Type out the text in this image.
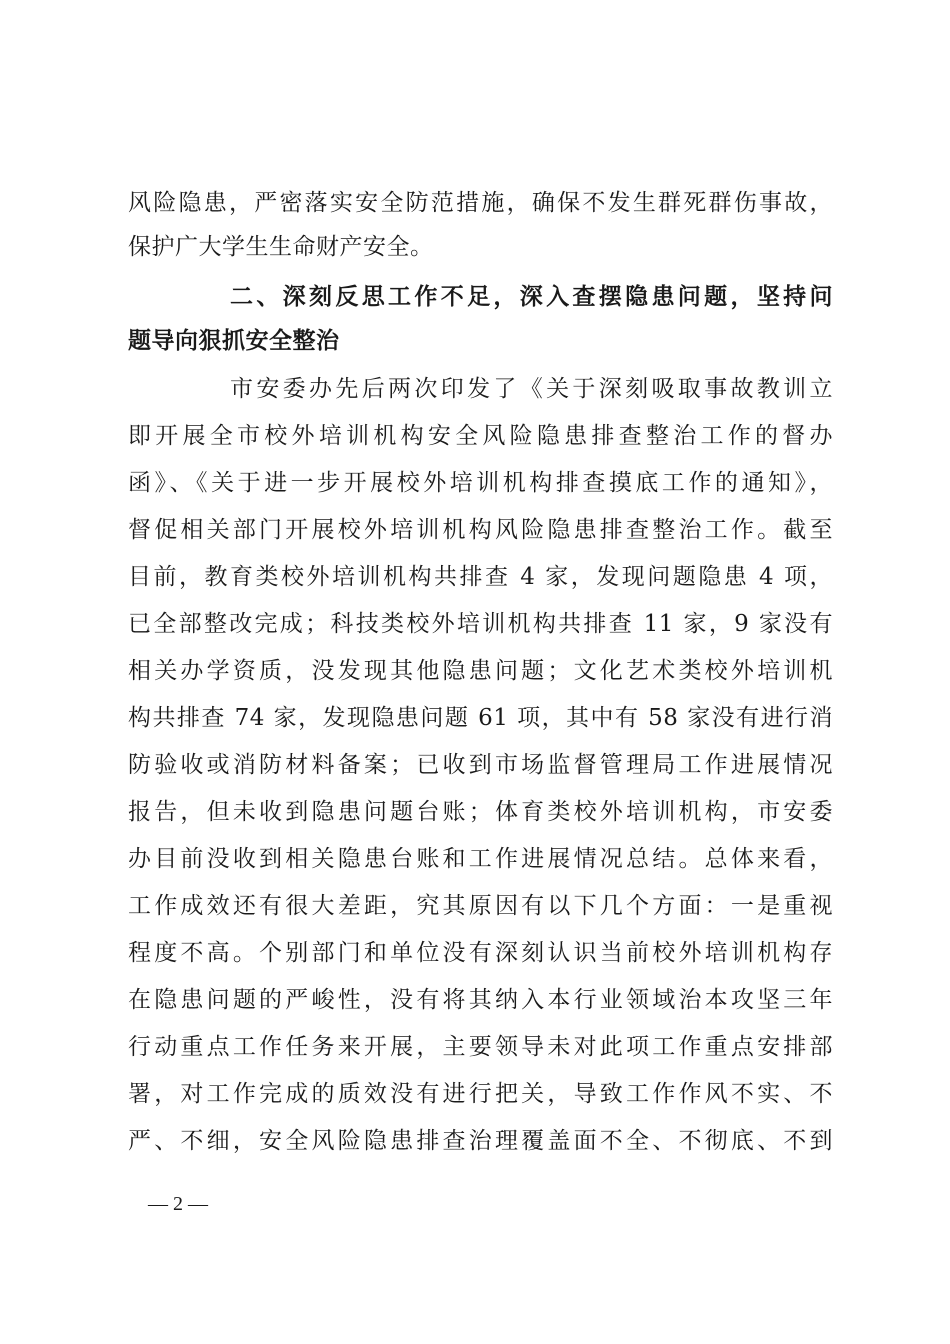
风险隐患，严密落实安全防范措施，确保不发生群死群伤事故，
保护广大学生生命财产安全。
二、深刻反思工作不足，深入查摆隐患问题，坚持问
题导向狠抓安全整治
市安委办先后两次印发了《关于深刻吸取事故教训立
即开展全市校外培训机构安全风险隐患排查整治工作的督办
函》、《关于进一步开展校外培训机构排查摸底工作的通知》，
督促相关部门开展校外培训机构风险隐患排查整治工作。截至
目前，教育类校外培训机构共排查 4 家，发现问题隐患 4 项，
已全部整改完成；科技类校外培训机构共排查 11 家，9 家没有
相关办学资质，没发现其他隐患问题；文化艺术类校外培训机
构共排查 74 家，发现隐患问题 61 项，其中有 58 家没有进行消
防验收或消防材料备案；已收到市场监督管理局工作进展情况
报告，但未收到隐患问题台账；体育类校外培训机构，市安委
办目前没收到相关隐患台账和工作进展情况总结。总体来看，
工作成效还有很大差距，究其原因有以下几个方面：一是重视
程度不高。个别部门和单位没有深刻认识当前校外培训机构存
在隐患问题的严峻性，没有将其纳入本行业领域治本攻坚三年
行动重点工作任务来开展，主要领导未对此项工作重点安排部
署，对工作完成的质效没有进行把关，导致工作作风不实、不
严、不细，安全风险隐患排查治理覆盖面不全、不彻底、不到
— 2 —
